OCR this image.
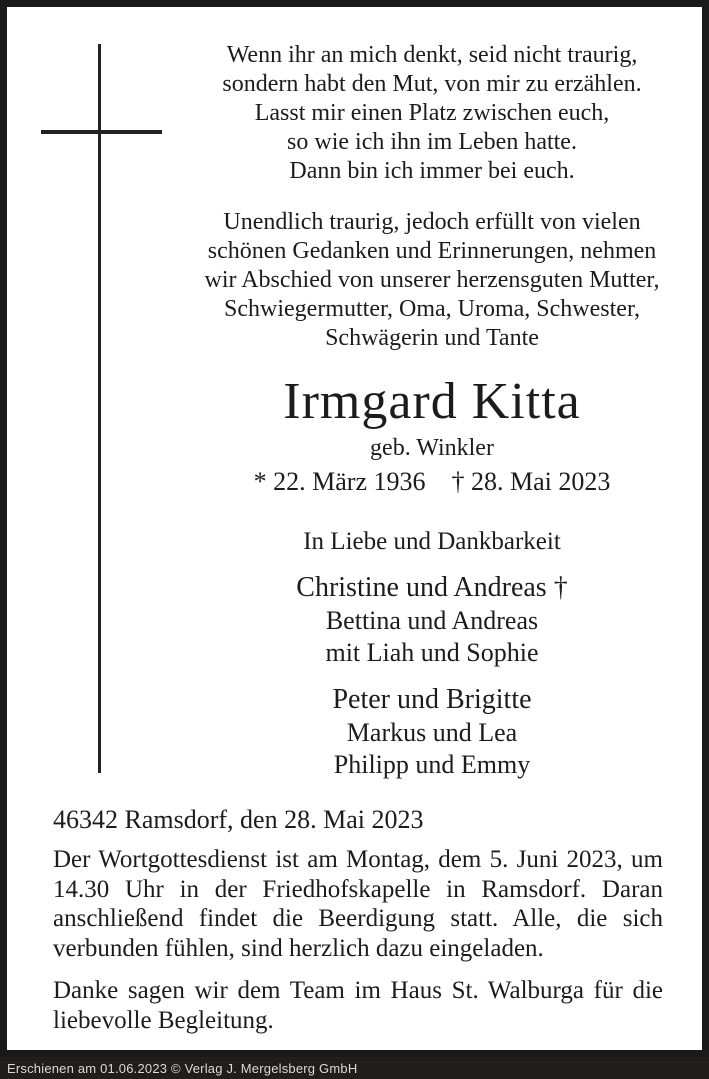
Wenn ihr an mich denkt, seid nicht traurig,
sondern habt den Mut, von mir zu erzählen.
Lasst mir einen Platz zwischen euch,
so wie ich ihn im Leben hatte.
Dann bin ich immer bei euch.
Unendlich traurig, jedoch erfüllt von vielen
schönen Gedanken und Erinnerungen, nehmen
wir Abschied von unserer herzensguten Mutter,
Schwiegermutter, Oma, Uroma, Schwester,
Schwägerin und Tante
Irmgard Kitta
geb. Winkler
* 22. März 1936 † 28. Mai 2023
In Liebe und Dankbarkeit
Christine und Andreas †
Bettina und Andreas
mit Liah und Sophie
Peter und Brigitte
Markus und Lea
Philipp und Emmy
46342 Ramsdorf, den 28. Mai 2023

Der Wortgottesdienst ist am Montag, dem 5. Juni 2023, um 14.30 Uhr in der Friedhofskapelle in Ramsdorf. Daran anschließend findet die Beerdigung statt. Alle, die sich verbunden fühlen, sind herzlich dazu eingeladen.

Danke sagen wir dem Team im Haus St. Walburga für die liebevolle Begleitung.

Erschienen am 01.06.2023 © Verlag J. Mergelsberg GmbH
